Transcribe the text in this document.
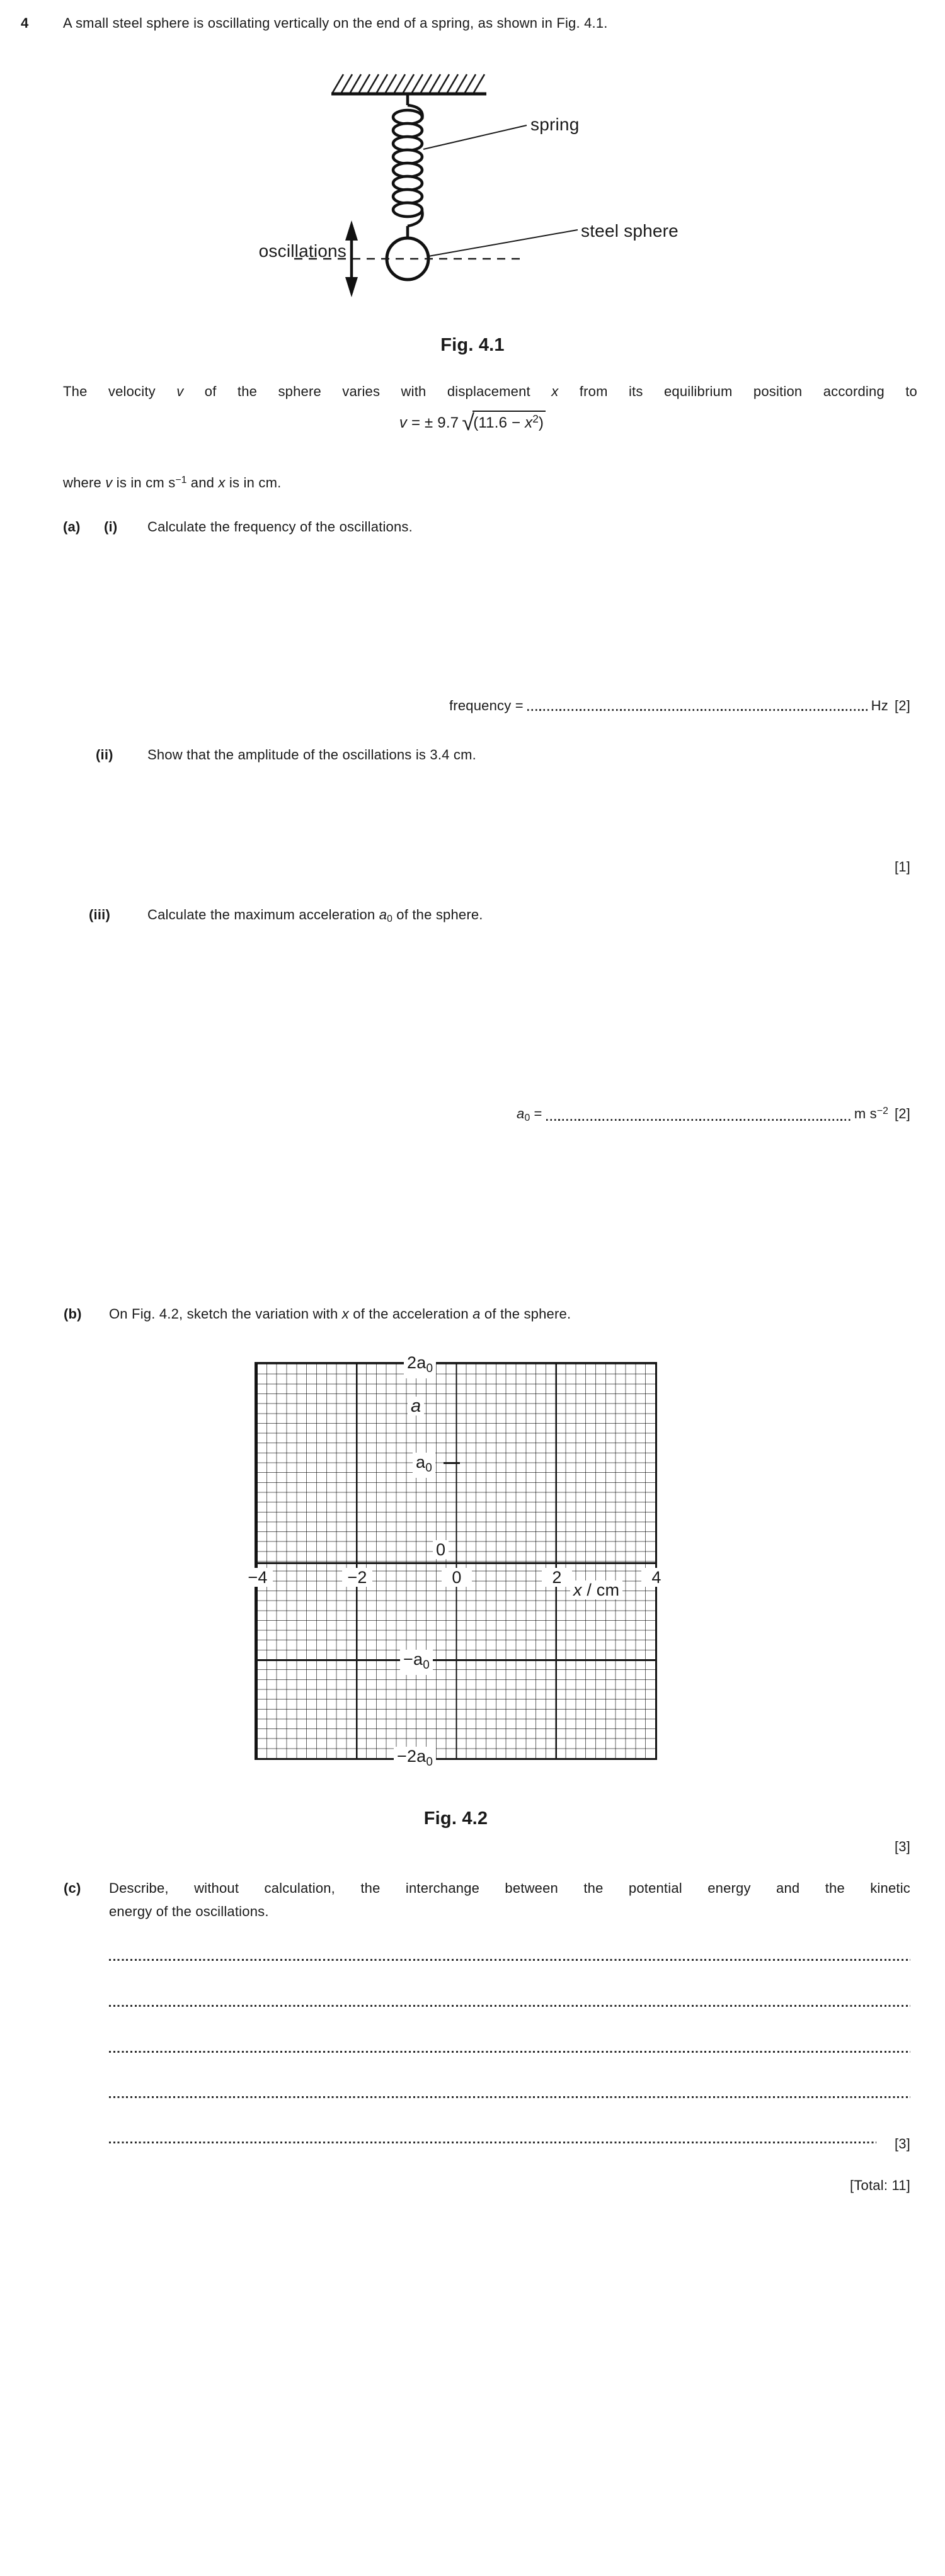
4 A small steel sphere is oscillating vertically on the end of a spring, as shown in Fig. 4.1.
spring
steel sphere
oscillations
Fig. 4.1
The velocity v of the sphere varies with displacement x from its equilibrium position according to
v = ± 9.7  $√(11.6 - x^2)$
where v is in cm $s^{-1}$ and x is in cm.
(a) (i) Calculate the frequency of the oscillations.
frequency =	Hz [2]
(ii) Show that the amplitude of the oscillations is 3.4 cm.
[1]
(iii)	Calculate the maximum acceleration $a_0$ of the sphere.
$a_0$ =	m $s^{-2}$ [2]
(b) On Fig. 4.2, sketch the variation with x of the acceleration a of the sphere.
$2a_0$
a
$a_0$
0
$-a_0$
$-2a_0$
−4	−2	0	2	4
x / cm
Fig. 4.2
[3]
(c) Describe, without calculation, the interchange between the potential energy and the kinetic
energy of the oscillations.
[3]
[Total: 11]
